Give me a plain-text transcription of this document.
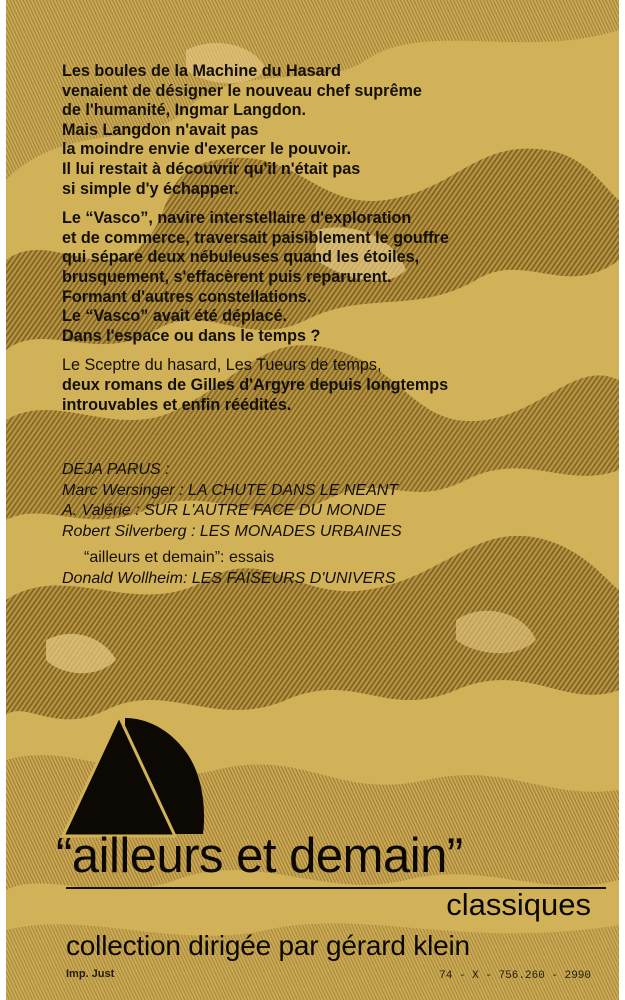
Les boules de la Machine du Hasard
venaient de désigner le nouveau chef suprême
de l'humanité, Ingmar Langdon.
Mais Langdon n'avait pas
la moindre envie d'exercer le pouvoir.
Il lui restait à découvrir qu'il n'était pas
si simple d'y échapper.

Le “Vasco”, navire interstellaire d'exploration
et de commerce, traversait paisiblement le gouffre
qui sépare deux nébuleuses quand les étoiles,
brusquement, s'effacèrent puis reparurent.
Formant d'autres constellations.
Le “Vasco” avait été déplacé.
Dans l'espace ou dans le temps ?

Le Sceptre du hasard, Les Tueurs de temps,
deux romans de Gilles d'Argyre depuis longtemps
introuvables et enfin réédités.

DEJA PARUS :
Marc Wersinger : LA CHUTE DANS LE NEANT
A. Valérie : SUR L'AUTRE FACE DU MONDE
Robert Silverberg : LES MONADES URBAINES
“ailleurs et demain”: essais
Donald Wollheim: LES FAISEURS D'UNIVERS
“ailleurs et demain”
classiques
collection dirigée par gérard klein
Imp. Just	74 - X - 756.260 - 2990
